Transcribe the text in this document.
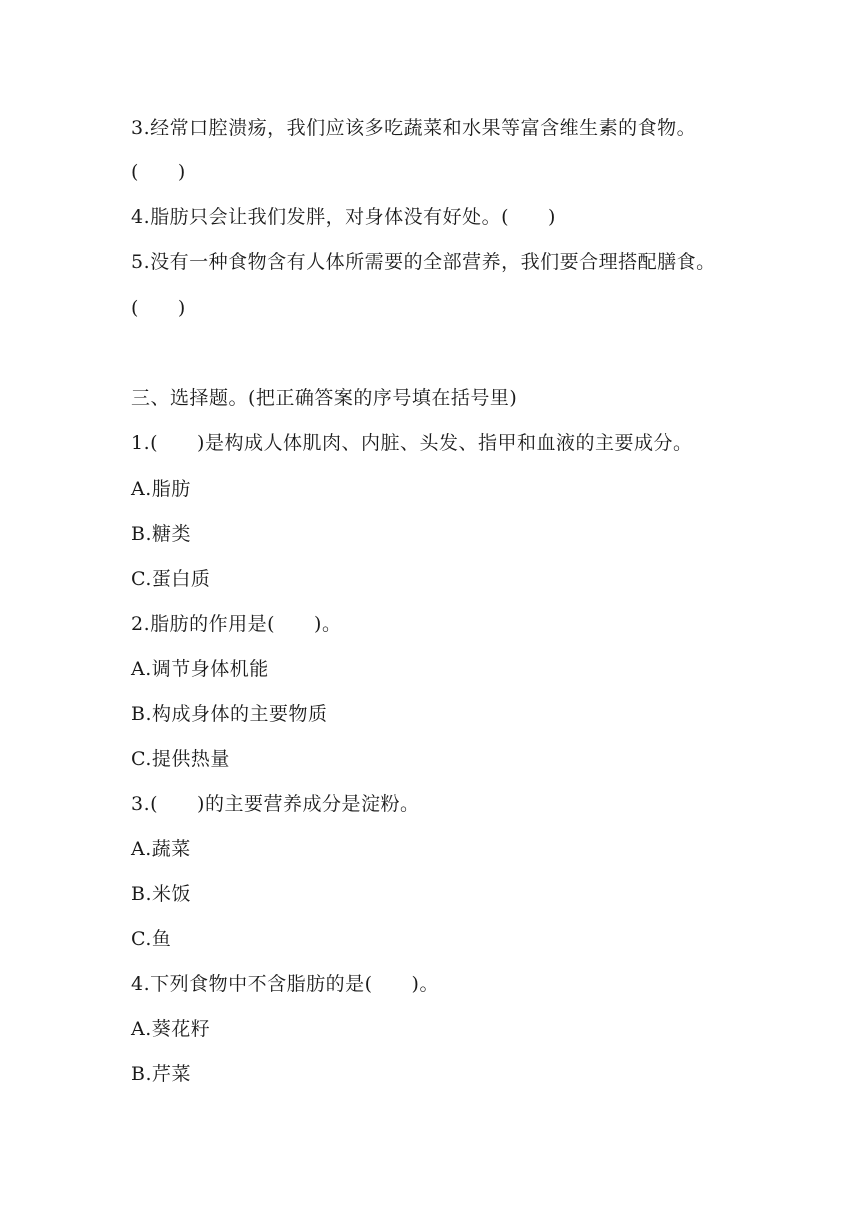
3.经常口腔溃疡，我们应该多吃蔬菜和水果等富含维生素的食物。
(　　)
4.脂肪只会让我们发胖，对身体没有好处。(　　)
5.没有一种食物含有人体所需要的全部营养，我们要合理搭配膳食。
(　　)
三、选择题。(把正确答案的序号填在括号里)
1.(　　)是构成人体肌肉、内脏、头发、指甲和血液的主要成分。
A.脂肪
B.糖类
C.蛋白质
2.脂肪的作用是(　　)。
A.调节身体机能
B.构成身体的主要物质
C.提供热量
3.(　　)的主要营养成分是淀粉。
A.蔬菜
B.米饭
C.鱼
4.下列食物中不含脂肪的是(　　)。
A.葵花籽
B.芹菜
